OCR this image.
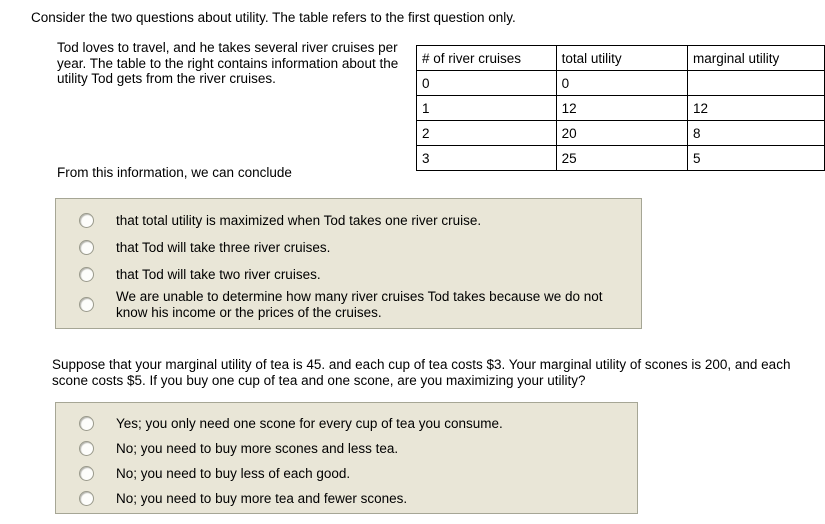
Consider the two questions about utility. The table refers to the first question only.
Tod loves to travel, and he takes several river cruises per year. The table to the right contains information about the utility Tod gets from the river cruises.
# of river cruises	total utility	marginal utility
0	0	
1	12	12
2	20	8
3	25	5
From this information, we can conclude
that total utility is maximized when Tod takes one river cruise.
that Tod will take three river cruises.
that Tod will take two river cruises.
We are unable to determine how many river cruises Tod takes because we do not know his income or the prices of the cruises.
Suppose that your marginal utility of tea is 45. and each cup of tea costs $3. Your marginal utility of scones is 200, and each scone costs $5. If you buy one cup of tea and one scone, are you maximizing your utility?
Yes; you only need one scone for every cup of tea you consume.
No; you need to buy more scones and less tea.
No; you need to buy less of each good.
No; you need to buy more tea and fewer scones.
